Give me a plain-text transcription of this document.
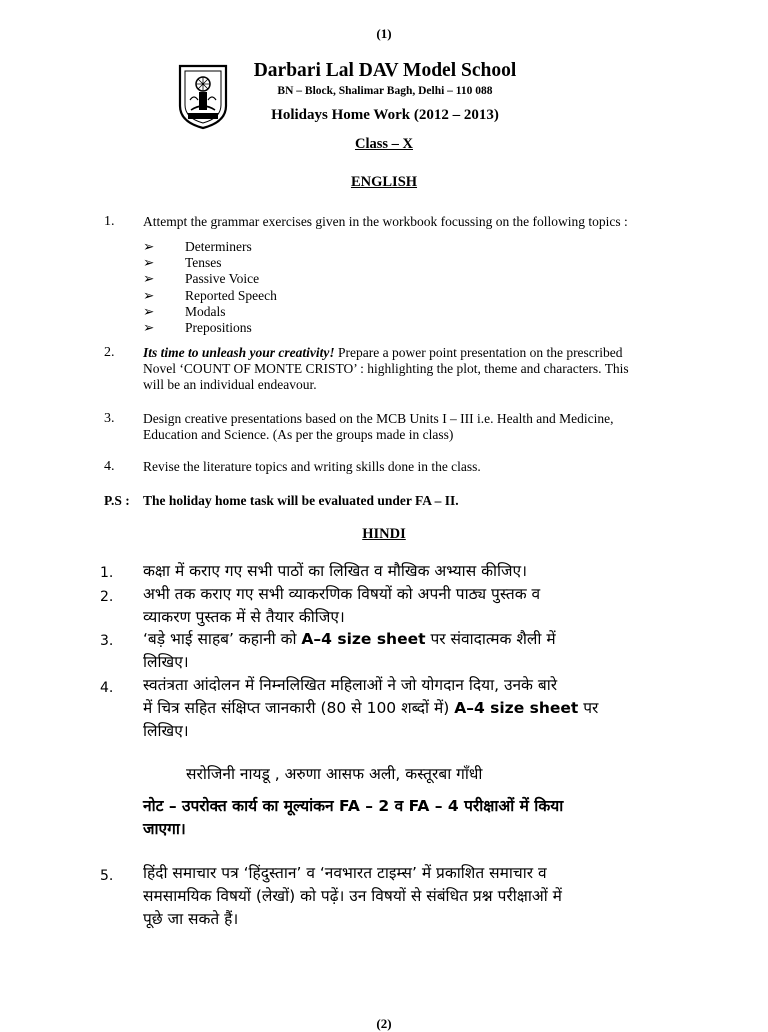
(1)
Darbari Lal DAV Model School
BN – Block, Shalimar Bagh, Delhi – 110 088
Holidays Home Work (2012 – 2013)
Class – X
ENGLISH
1. Attempt the grammar exercises given in the workbook focussing on the following topics :
➢ Determiners
➢ Tenses
➢ Passive Voice
➢ Reported Speech
➢ Modals
➢ Prepositions
2. Its time to unleash your creativity! Prepare a power point presentation on the prescribed
Novel ‘COUNT OF MONTE CRISTO’ : highlighting the plot, theme and characters. This
will be an individual endeavour.
3. Design creative presentations based on the MCB Units I – III i.e. Health and Medicine,
Education and Science. (As per the groups made in class)
4. Revise the literature topics and writing skills done in the class.
P.S : The holiday home task will be evaluated under FA – II.
HINDI
1. कक्षा में कराए गए सभी पाठों का लिखित व मौखिक अभ्यास कीजिए।
2. अभी तक कराए गए सभी व्याकरणिक विषयों को अपनी पाठ्य पुस्तक व
व्याकरण पुस्तक में से तैयार कीजिए।
3. ‘बड़े भाई साहब’ कहानी को A–4 size sheet पर संवादात्मक शैली में
लिखिए।
4. स्वतंत्रता आंदोलन में निम्नलिखित महिलाओं ने जो योगदान दिया, उनके बारे
में चित्र सहित संक्षिप्त जानकारी (80 से 100 शब्दों में) A–4 size sheet पर
लिखिए।
सरोजिनी नायडू , अरुणा आसफ अली, कस्तूरबा गाँधी
नोट – उपरोक्त कार्य का मूल्यांकन FA – 2 व FA – 4 परीक्षाओं में किया
जाएगा।
5. हिंदी समाचार पत्र ‘हिंदुस्तान’ व ‘नवभारत टाइम्स’ में प्रकाशित समाचार व
समसामयिक विषयों (लेखों) को पढ़ें। उन विषयों से संबंधित प्रश्न परीक्षाओं में
पूछे जा सकते हैं।
(2)
